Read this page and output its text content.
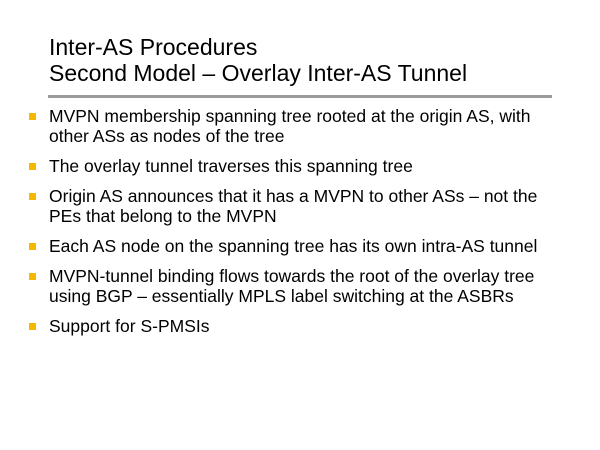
Inter-AS Procedures
Second Model – Overlay Inter-AS Tunnel
MVPN membership spanning tree rooted at the origin AS, with other ASs as nodes of the tree
The overlay tunnel traverses this spanning tree
Origin AS announces that it has a MVPN to other ASs – not the PEs that belong to the MVPN
Each AS node on the spanning tree has its own intra-AS tunnel
MVPN-tunnel binding flows towards the root of the overlay tree using BGP – essentially MPLS label switching at the ASBRs
Support for S-PMSIs
